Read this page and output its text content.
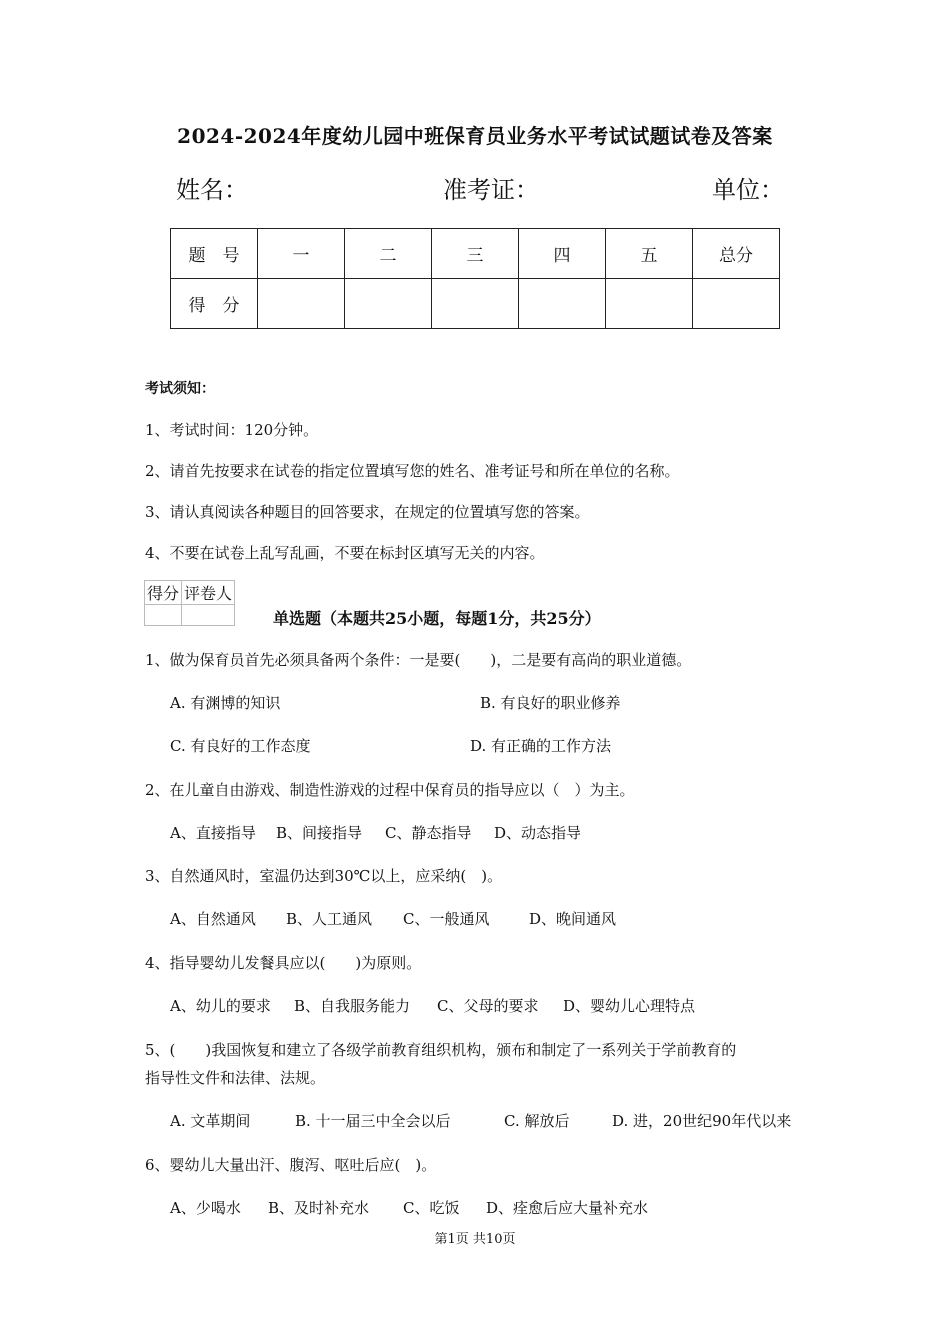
2024-2024年度幼儿园中班保育员业务水平考试试题试卷及答案
姓名：	准考证：	单位：
题　号	一	二	三	四	五	总分
得　分						
考试须知：
1、考试时间：120分钟。
2、请首先按要求在试卷的指定位置填写您的姓名、准考证号和所在单位的名称。
3、请认真阅读各种题目的回答要求，在规定的位置填写您的答案。
4、不要在试卷上乱写乱画，不要在标封区填写无关的内容。
得分	评卷人

单选题（本题共25小题，每题1分，共25分）
1、做为保育员首先必须具备两个条件：一是要(　　)，二是要有高尚的职业道德。
A. 有渊博的知识	B. 有良好的职业修养
C. 有良好的工作态度	D. 有正确的工作方法
2、在儿童自由游戏、制造性游戏的过程中保育员的指导应以（　）为主。
A、直接指导 B、间接指导 C、静态指导 D、动态指导
3、自然通风时，室温仍达到30℃以上，应采纳(　)。
A、自然通风 B、人工通风 C、一般通风	D、晚间通风
4、指导婴幼儿发餐具应以(　　)为原则。
A、幼儿的要求 B、自我服务能力 C、父母的要求 D、婴幼儿心理特点
5、(　　)我国恢复和建立了各级学前教育组织机构，颁布和制定了一系列关于学前教育的
指导性文件和法律、法规。
A. 文革期间	B. 十一届三中全会以后	C. 解放后	D. 进，20世纪90年代以来
6、婴幼儿大量出汗、腹泻、呕吐后应(　)。
A、少喝水 B、及时补充水 C、吃饭 D、痊愈后应大量补充水
第1页 共10页
